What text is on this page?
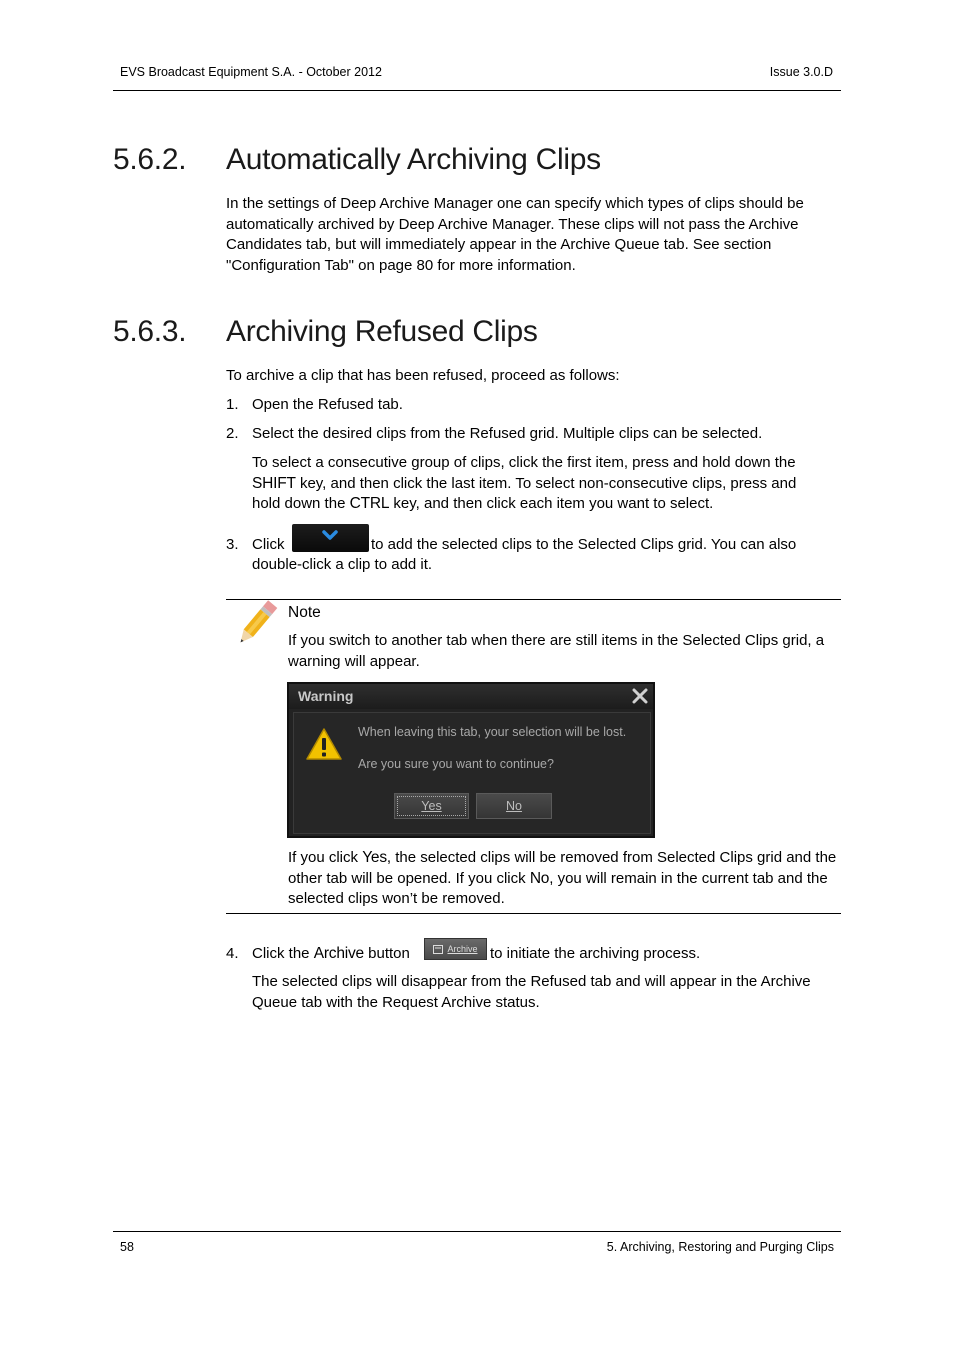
EVS Broadcast Equipment S.A. - October 2012	Issue 3.0.D
5.6.2. Automatically Archiving Clips

In the settings of Deep Archive Manager one can specify which types of clips should be automatically archived by Deep Archive Manager. These clips will not pass the Archive Candidates tab, but will immediately appear in the Archive Queue tab. See section "Configuration Tab" on page 80 for more information.

5.6.3. Archiving Refused Clips

To archive a clip that has been refused, proceed as follows:

1. Open the Refused tab.

2. Select the desired clips from the Refused grid. Multiple clips can be selected.

To select a consecutive group of clips, click the first item, press and hold down the
SHIFT key, and then click the last item. To select non-consecutive clips, press and
hold down the CTRL key, and then click each item you want to select.
3. Click	to add the selected clips to the Selected Clips grid. You can also

double-click a clip to add it.

Note

If you switch to another tab when there are still items in the Selected Clips grid, a warning will appear.

Warning
When leaving this tab, your selection will be lost.
Are you sure you want to continue?
Yes	No

If you click Yes, the selected clips will be removed from Selected Clips grid and the other tab will be opened. If you click No, you will remain in the current tab and the selected clips won’t be removed.

4. Click the Archive button	Archive to initiate the archiving process.

The selected clips will disappear from the Refused tab and will appear in the Archive Queue tab with the Request Archive status.

58	5. Archiving, Restoring and Purging Clips
